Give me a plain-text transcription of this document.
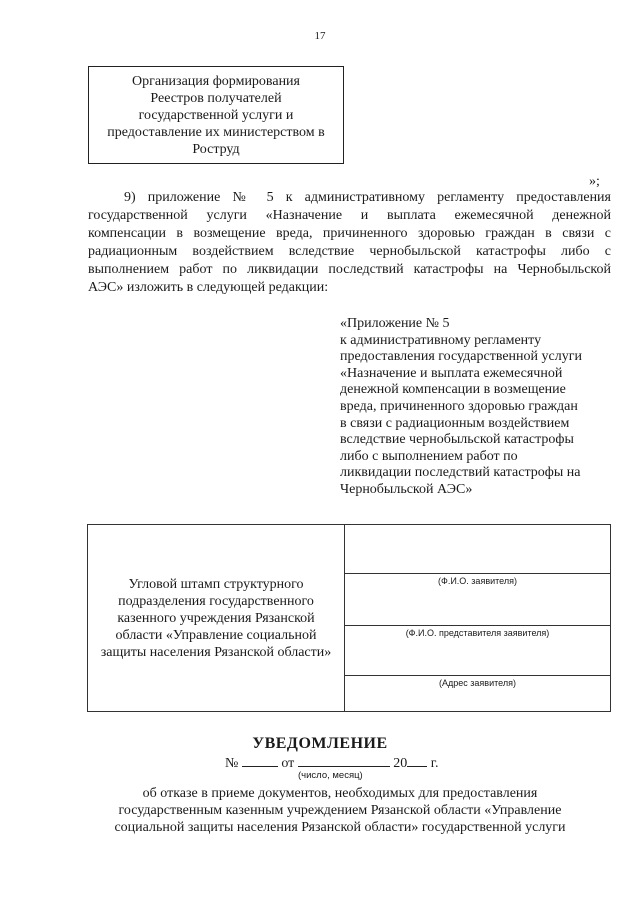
17
Организация формирования
Реестров получателей
государственной услуги и
предоставление их министерством в
Роструд
»;
9) приложение № 5 к административному регламенту предоставления
государственной услуги «Назначение и выплата ежемесячной денежной
компенсации в возмещение вреда, причиненного здоровью граждан в связи с
радиационным воздействием вследствие чернобыльской катастрофы либо с
выполнением работ по ликвидации последствий катастрофы на Чернобыльской
АЭС» изложить в следующей редакции:
«Приложение № 5
к административному регламенту
предоставления государственной услуги
«Назначение и выплата ежемесячной
денежной компенсации в возмещение
вреда, причиненного здоровью граждан
в связи с радиационным воздействием
вследствие чернобыльской катастрофы
либо с выполнением работ по
ликвидации последствий катастрофы на
Чернобыльской АЭС»
Угловой штамп структурного
подразделения государственного
казенного учреждения Рязанской
области «Управление социальной
защиты населения Рязанской области»
(Ф.И.О. заявителя)
(Ф.И.О. представителя заявителя)
(Адрес заявителя)
УВЕДОМЛЕНИЕ
№	от	20 г.
(число, месяц)
об отказе в приеме документов, необходимых для предоставления
государственным казенным учреждением Рязанской области «Управление
социальной защиты населения Рязанской области» государственной услуги
